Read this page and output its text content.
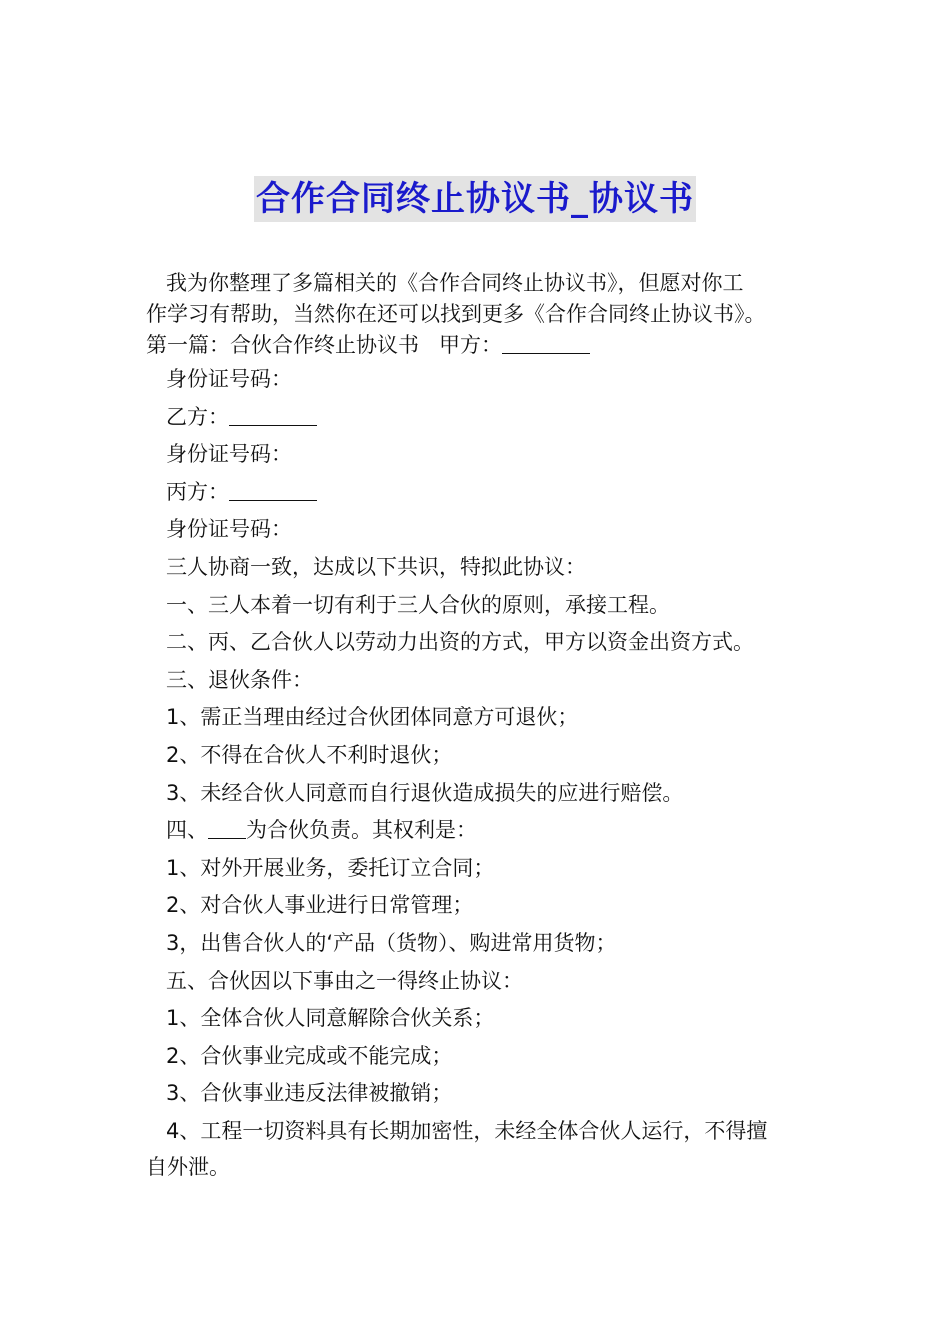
合作合同终止协议书_协议书
我为你整理了多篇相关的《合作合同终止协议书》，但愿对你工
作学习有帮助，当然你在还可以找到更多《合作合同终止协议书》。
第一篇：合伙合作终止协议书 甲方：
身份证号码：
乙方：
身份证号码：
丙方：
身份证号码：
三人协商一致，达成以下共识，特拟此协议：
一、三人本着一切有利于三人合伙的原则，承接工程。
二、丙、乙合伙人以劳动力出资的方式，甲方以资金出资方式。
三、退伙条件：
1、需正当理由经过合伙团体同意方可退伙；
2、不得在合伙人不利时退伙；
3、未经合伙人同意而自行退伙造成损失的应进行赔偿。
四、 为合伙负责。其权利是：
1、对外开展业务，委托订立合同；
2、对合伙人事业进行日常管理；
3，出售合伙人的‘产品（货物）、购进常用货物；
五、合伙因以下事由之一得终止协议：
1、全体合伙人同意解除合伙关系；
2、合伙事业完成或不能完成；
3、合伙事业违反法律被撤销；
4、工程一切资料具有长期加密性，未经全体合伙人运行，不得擅
自外泄。
